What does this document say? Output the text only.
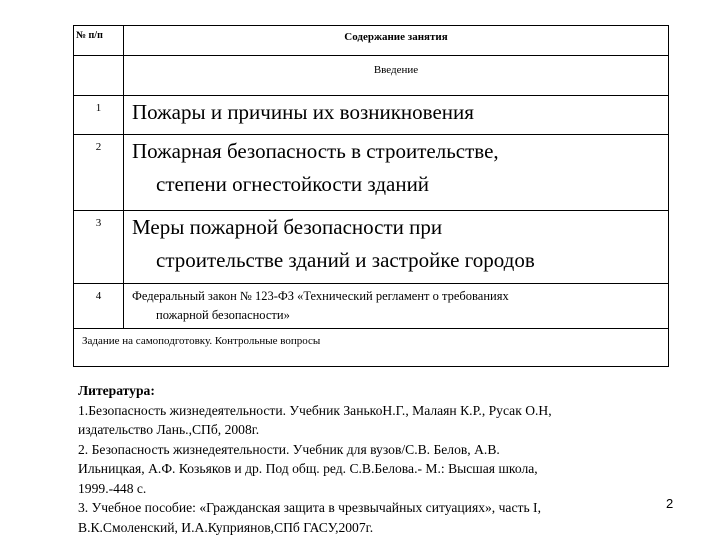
№ п/п	Содержание занятия
	Введение
1	Пожары и причины их возникновения
2	Пожарная безопасность в строительстве,
степени огнестойкости зданий

3	Меры пожарной безопасности при
строительстве зданий и застройке городов

4	Федеральный закон № 123-ФЗ «Технический регламент о требованиях
пожарной безопасности»

Задание на самоподготовку. Контрольные вопросы	
Литература:
1.Безопасность жизнедеятельности. Учебник ЗанькоН.Г., Малаян К.Р., Русак О.Н,
издательство Лань.,СПб, 2008г.
2. Безопасность жизнедеятельности. Учебник для вузов/С.В. Белов, А.В.
Ильницкая, А.Ф. Козьяков и др. Под общ. ред. С.В.Белова.- М.: Высшая школа,
1999.-448 с.
3. Учебное пособие: «Гражданская защита в чрезвычайных ситуациях», часть I,
В.К.Смоленский, И.А.Куприянов,СПб ГАСУ,2007г.
2
